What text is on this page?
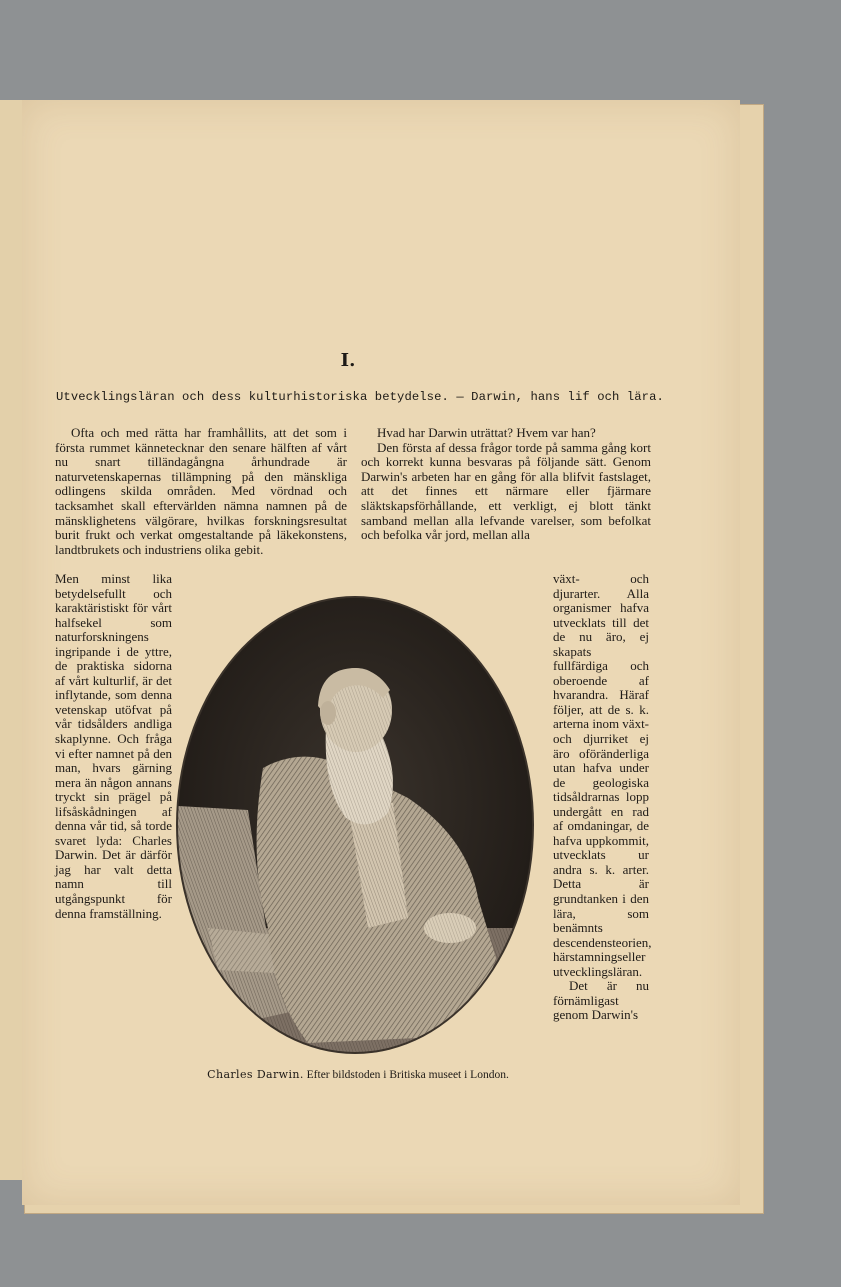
I.
Utvecklingsläran och dess kulturhistoriska betydelse. — Darwin, hans lif och lära.

Ofta och med rätta har framhållits, att det som i första rummet kännetecknar den senare hälften af vårt nu snart tilländagångna århundrade är naturvetenskapernas tillämpning på den mänskliga odlingens skilda områden. Med vördnad och tacksamhet skall eftervärlden nämna namnen på de mänsklighetens välgörare, hvilkas forskningsresultat burit frukt och verkat omgestaltande på läkekonstens, landtbrukets och industriens olika gebit.

Men minst lika betydelsefullt och karaktäristiskt för vårt halfsekel som naturforskningens ingripande i de yttre, de praktiska sidorna af vårt kulturlif, är det inflytande, som denna vetenskap utöfvat på vår tidsålders andliga skaplynne. Och fråga vi efter namnet på den man, hvars gärning mera än någon annans tryckt sin prägel på lifsåskådningen af denna vår tid, så torde svaret lyda: Charles Darwin. Det är därför jag har valt detta namn till utgångspunkt för denna framställning.

Hvad har Darwin uträttat? Hvem var han?

Den första af dessa frågor torde på samma gång kort och korrekt kunna besvaras på följande sätt. Genom Darwin's arbeten har en gång för alla blifvit fastslaget, att det finnes ett närmare eller fjärmare släktskapsförhållande, ett verkligt, ej blott tänkt samband mellan alla lefvande varelser, som befolkat och befolka vår jord, mellan alla

växt- och djurarter. Alla organismer hafva utvecklats till det de nu äro, ej skapats fullfärdiga och oberoende af hvarandra. Häraf följer, att de s. k. arterna inom växt- och djurriket ej äro oföränderliga utan hafva under de geologiska tidsåldrarnas lopp undergått en rad af omdaningar, de hafva uppkommit, utvecklats ur andra s. k. arter. Detta är grundtanken i den lära, som benämnts descendensteorien, härstamningseller utvecklingsläran.

Det är nu förnämligast genom Darwin's

Charles Darwin. Efter bildstoden i Britiska museet i London.
